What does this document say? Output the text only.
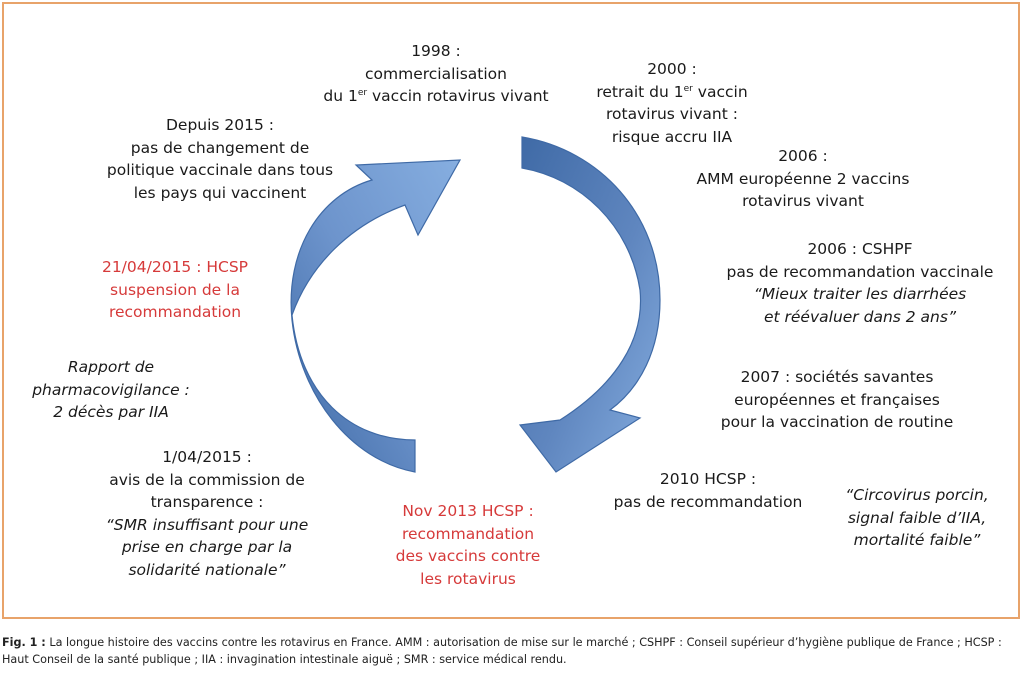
1998 :
commercialisation
du 1er vaccin rotavirus vivant
2000 :
retrait du 1er vaccin
rotavirus vivant :
risque accru IIA
2006 :
AMM européenne 2 vaccins
rotavirus vivant
2006 : CSHPF
pas de recommandation vaccinale
“Mieux traiter les diarrhées
et réévaluer dans 2 ans”
2007 : sociétés savantes
européennes et françaises
pour la vaccination de routine
2010 HCSP :
pas de recommandation	“Circovirus porcin,
signal faible d’IIA,
mortalité faible”
Nov 2013 HCSP :
recommandation
des vaccins contre
les rotavirus
1/04/2015 :
avis de la commission de
transparence :
“SMR insuffisant pour une
prise en charge par la
solidarité nationale”
Rapport de
pharmacovigilance :
2 décès par IIA
21/04/2015 : HCSP
suspension de la
recommandation
Depuis 2015 :
pas de changement de
politique vaccinale dans tous
les pays qui vaccinent
Fig. 1 : La longue histoire des vaccins contre les rotavirus en France. AMM : autorisation de mise sur le marché ; CSHPF : Conseil supérieur d’hygiène publique de France ; HCSP : Haut Conseil de la santé publique ; IIA : invagination intestinale aiguë ; SMR : service médical rendu.
